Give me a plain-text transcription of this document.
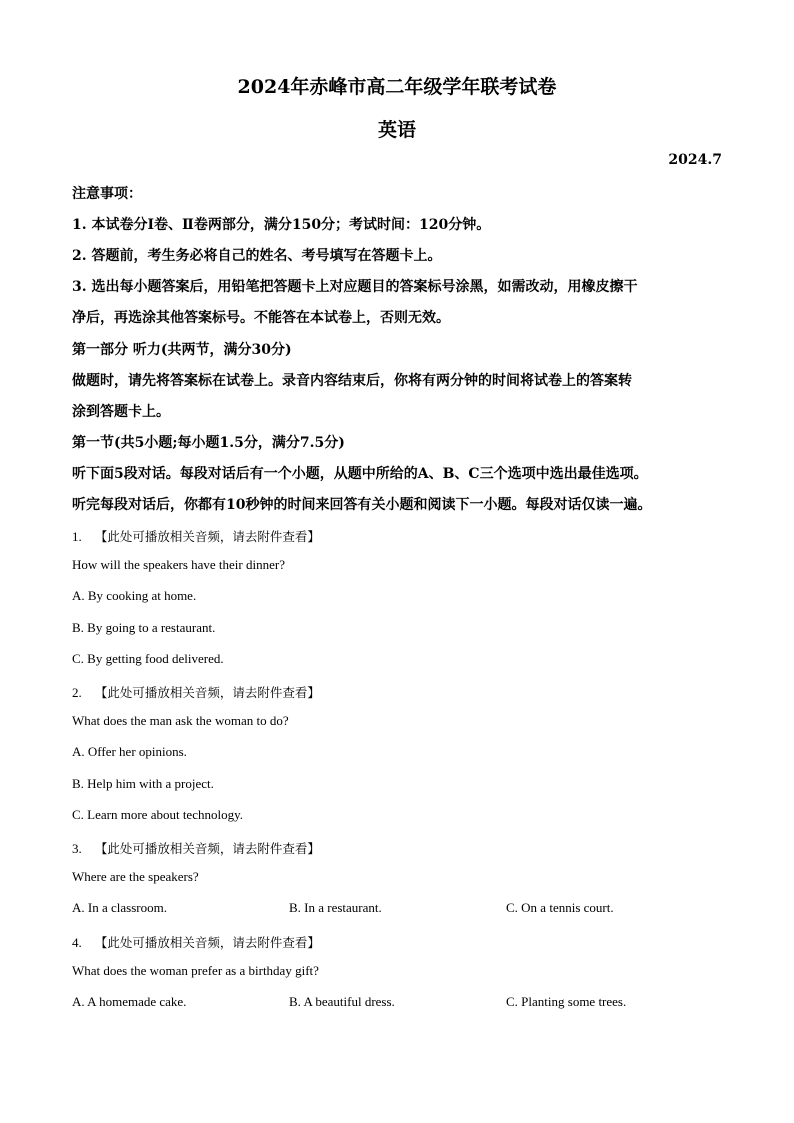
2024年赤峰市高二年级学年联考试卷
英语
2024.7
注意事项：
1. 本试卷分Ⅰ卷、Ⅱ卷两部分，满分150分；考试时间：120分钟。
2. 答题前，考生务必将自己的姓名、考号填写在答题卡上。
3. 选出每小题答案后，用铅笔把答题卡上对应题目的答案标号涂黑，如需改动，用橡皮擦干
净后，再选涂其他答案标号。不能答在本试卷上，否则无效。
第一部分 听力(共两节，满分30分)
做题时，请先将答案标在试卷上。录音内容结束后，你将有两分钟的时间将试卷上的答案转
涂到答题卡上。
第一节(共5小题;每小题1.5分，满分7.5分)
听下面5段对话。每段对话后有一个小题，从题中所给的A、B、C三个选项中选出最佳选项。
听完每段对话后，你都有10秒钟的时间来回答有关小题和阅读下一小题。每段对话仅读一遍。
1. 【此处可播放相关音频，请去附件查看】
How will the speakers have their dinner?
A. By cooking at home.
B. By going to a restaurant.
C. By getting food delivered.
2. 【此处可播放相关音频，请去附件查看】
What does the man ask the woman to do?
A. Offer her opinions.
B. Help him with a project.
C. Learn more about technology.
3. 【此处可播放相关音频，请去附件查看】
Where are the speakers?
A. In a classroom.	B. In a restaurant.	C. On a tennis court.
4. 【此处可播放相关音频，请去附件查看】
What does the woman prefer as a birthday gift?
A. A homemade cake.	B. A beautiful dress.	C. Planting some trees.
